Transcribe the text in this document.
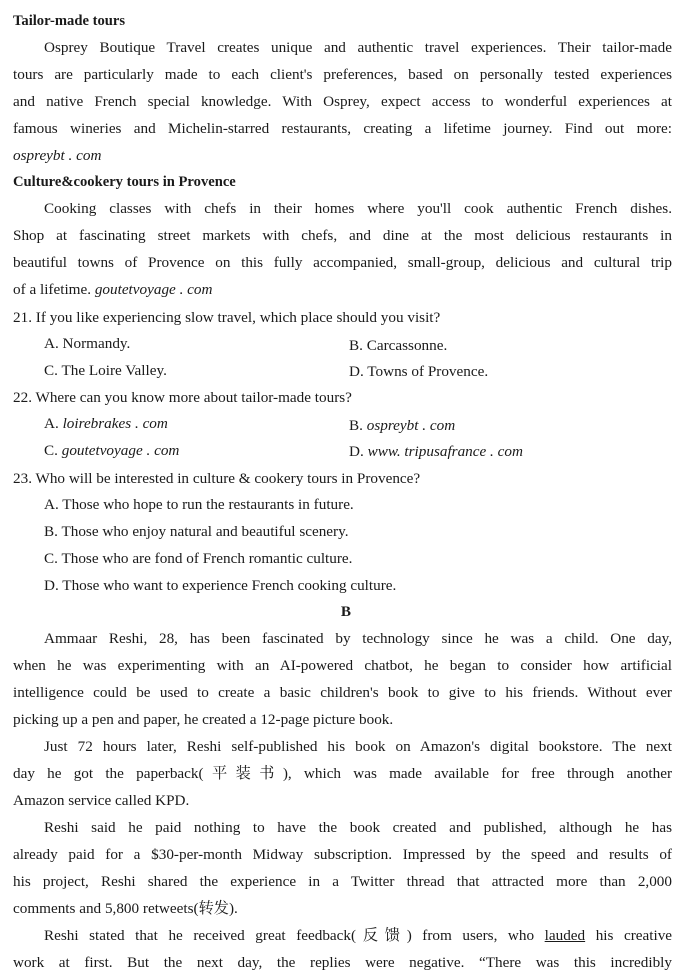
Tailor-made tours
Osprey Boutique Travel creates unique and authentic travel experiences. Their tailor-made
tours are particularly made to each client's preferences, based on personally tested experiences
and native French special knowledge. With Osprey, expect access to wonderful experiences at
famous wineries and Michelin-starred restaurants, creating a lifetime journey. Find out more:
ospreybt . com
Culture&cookery tours in Provence
Cooking classes with chefs in their homes where you'll cook authentic French dishes.
Shop at fascinating street markets with chefs, and dine at the most delicious restaurants in
beautiful towns of Provence on this fully accompanied, small-group, delicious and cultural trip
of a lifetime. goutetvoyage . com
21. If you like experiencing slow travel, which place should you visit?
A. Normandy.	B. Carcassonne.
C. The Loire Valley.	D. Towns of Provence.
22. Where can you know more about tailor-made tours?
A. loirebrakes . com	B. ospreybt . com
C. goutetvoyage . com	D. www. tripusafrance . com
23. Who will be interested in culture & cookery tours in Provence?
A. Those who hope to run the restaurants in future.
B. Those who enjoy natural and beautiful scenery.
C. Those who are fond of French romantic culture.
D. Those who want to experience French cooking culture.
B
Ammaar Reshi, 28, has been fascinated by technology since he was a child. One day,
when he was experimenting with an AI-powered chatbot, he began to consider how artificial
intelligence could be used to create a basic children's book to give to his friends. Without ever
picking up a pen and paper, he created a 12-page picture book.
Just 72 hours later, Reshi self-published his book on Amazon's digital bookstore. The next
day he got the paperback(平装书), which was made available for free through another
Amazon service called KPD.
Reshi said he paid nothing to have the book created and published, although he has
already paid for a $30-per-month Midway subscription. Impressed by the speed and results of
his project, Reshi shared the experience in a Twitter thread that attracted more than 2,000
comments and 5,800 retweets(转发).
Reshi stated that he received great feedback(反馈) from users, who lauded his creative
work at first. But the next day, the replies were negative. “There was this incredibly
